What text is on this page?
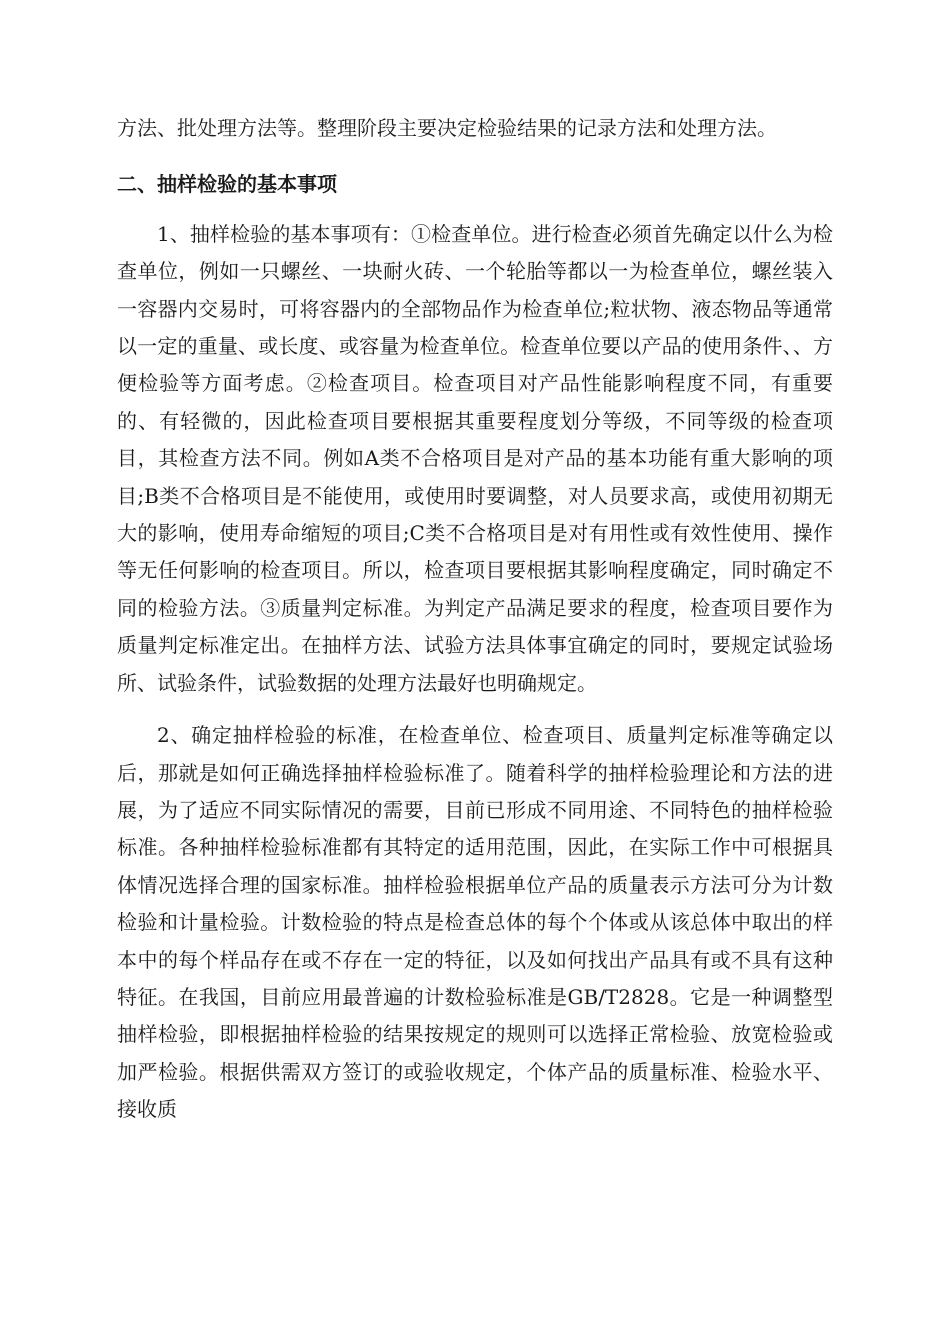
方法、批处理方法等。整理阶段主要决定检验结果的记录方法和处理方法。

二、抽样检验的基本事项

1、抽样检验的基本事项有：①检查单位。进行检查必须首先确定以什么为检查单位，例如一只螺丝、一块耐火砖、一个轮胎等都以一为检查单位，螺丝装入一容器内交易时，可将容器内的全部物品作为检查单位;粒状物、液态物品等通常以一定的重量、或长度、或容量为检查单位。检查单位要以产品的使用条件、、方便检验等方面考虑。②检查项目。检查项目对产品性能影响程度不同，有重要的、有轻微的，因此检查项目要根据其重要程度划分等级，不同等级的检查项目，其检查方法不同。例如A类不合格项目是对产品的基本功能有重大影响的项目;B类不合格项目是不能使用，或使用时要调整，对人员要求高，或使用初期无大的影响，使用寿命缩短的项目;C类不合格项目是对有用性或有效性使用、操作等无任何影响的检查项目。所以，检查项目要根据其影响程度确定，同时确定不同的检验方法。③质量判定标准。为判定产品满足要求的程度，检查项目要作为质量判定标准定出。在抽样方法、试验方法具体事宜确定的同时，要规定试验场所、试验条件，试验数据的处理方法最好也明确规定。

2、确定抽样检验的标准，在检查单位、检查项目、质量判定标准等确定以后，那就是如何正确选择抽样检验标准了。随着科学的抽样检验理论和方法的进展，为了适应不同实际情况的需要，目前已形成不同用途、不同特色的抽样检验标准。各种抽样检验标准都有其特定的适用范围，因此，在实际工作中可根据具体情况选择合理的国家标准。抽样检验根据单位产品的质量表示方法可分为计数检验和计量检验。计数检验的特点是检查总体的每个个体或从该总体中取出的样本中的每个样品存在或不存在一定的特征，以及如何找出产品具有或不具有这种特征。在我国，目前应用最普遍的计数检验标准是GB/T2828。它是一种调整型抽样检验，即根据抽样检验的结果按规定的规则可以选择正常检验、放宽检验或加严检验。根据供需双方签订的或验收规定，个体产品的质量标准、检验水平、接收质
